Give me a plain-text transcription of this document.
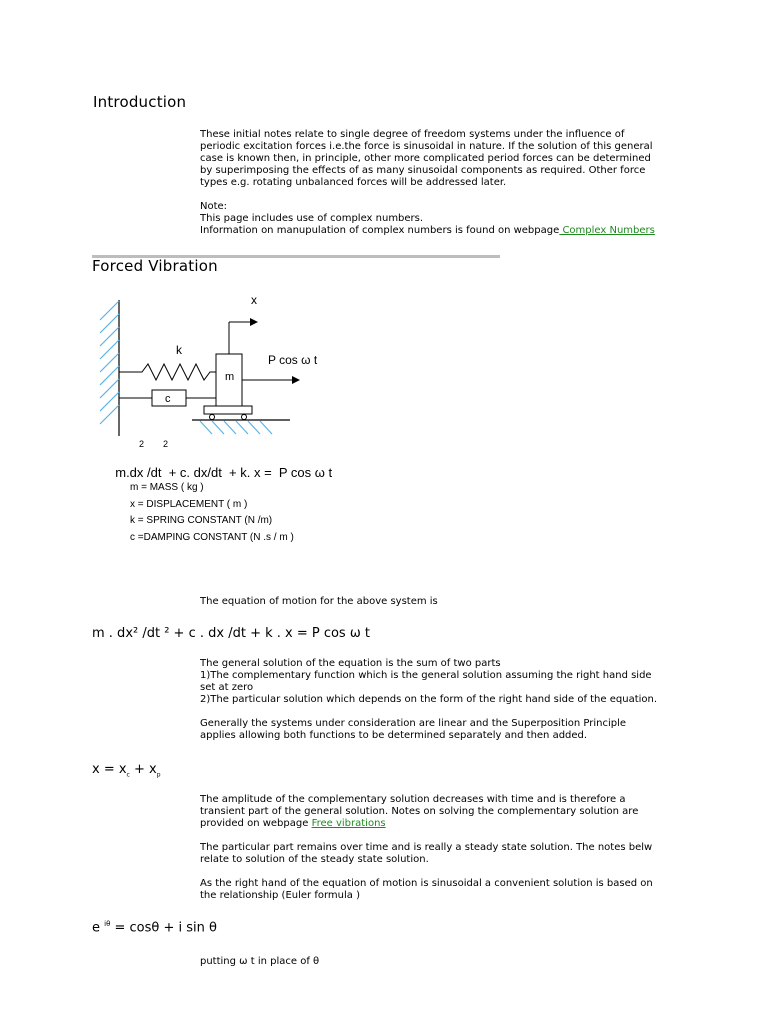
Introduction

These initial notes relate to single degree of freedom systems under the influence of

periodic excitation forces i.e.the force is sinusoidal in nature. If the solution of this general

case is known then, in principle, other more complicated period forces can be determined

by superimposing the effects of as many sinusoidal components as required. Other force

types e.g. rotating unbalanced forces will be addressed later.

Note:

This page includes use of complex numbers.

Information on manupulation of complex numbers is found on webpage Complex Numbers

Forced Vibration
x
k
m
c
P cos ω t

m.dx /dt  + c. dx/dt  + k. x =  P cos ω t

2

2

m = MASS ( kg )
x = DISPLACEMENT ( m )
k = SPRING CONSTANT (N /m)
c =DAMPING CONSTANT (N .s / m )

The equation of motion for the above system is

m . dx² /dt ² + c . dx /dt + k . x = P cos ω t

The general solution of the equation is the sum of two parts

1)The complementary function which is the general solution assuming the right hand side

set at zero

2)The particular solution which depends on the form of the right hand side of the equation.

Generally the systems under consideration are linear and the Superposition Principle

applies allowing both functions to be determined separately and then added.

$x = x_c + x_p$

The amplitude of the complementary solution decreases with time and is therefore a

transient part of the general solution. Notes on solving the complementary solution are

provided on webpage Free vibrations

The particular part remains over time and is really a steady state solution. The notes belw

relate to solution of the steady state solution.

As the right hand of the equation of motion is sinusoidal a convenient solution is based on

the relationship (Euler formula )

e $^{i\theta}$ = cosθ + i sin θ

putting ω t in place of θ
